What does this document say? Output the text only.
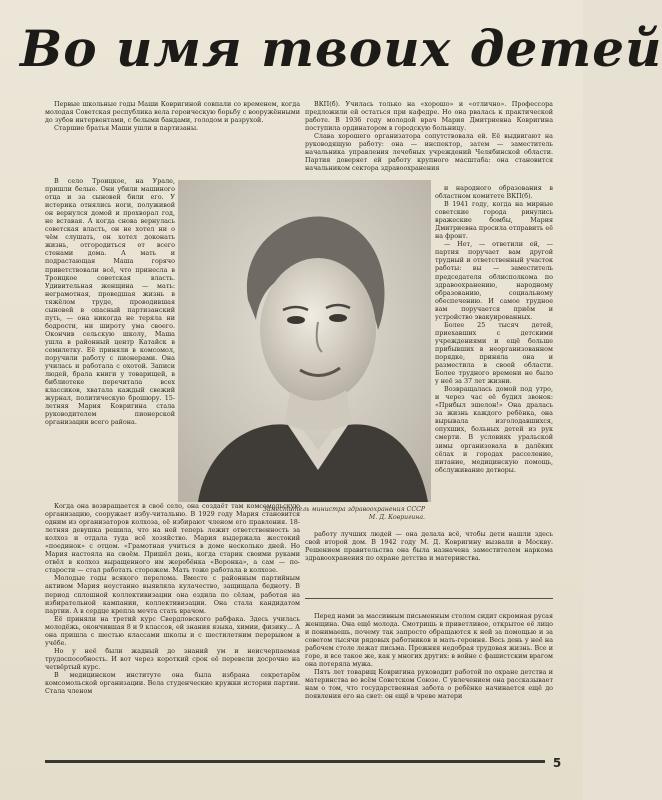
Во имя твоих детей

Первые школьные годы Маши Ковригиной совпали со временем, когда молодая Советская республика вела героическую борьбу с вооружёнными до зубов интервентами, с белыми бандами, голодом и разрухой.

Старшие братья Маши ушли в партизаны.

В село Троицкое, на Урале, пришли белые. Они убили машиного отца и за сыновей били его. У истерика отнялись ноги, полуживой он вернулся домой и прохворал год, не вставая. А когда снова вернулась советская власть, он не хотел ни о чём слушать, он хотел доконать жизнь, отгородиться от всего стенами дома. А мать и подрастающая Маша горячо приветствовали всё, что принесла в Троицкое советская власть. Удивительная женщина — мать: неграмотная, проведшая жизнь в тяжёлом труде, проводившая сыновей в опасный партизанский путь, — она никогда не теряла ни бодрости, ни широту ума своего. Окончив сельскую школу, Маша ушла в районный центр Катайск в семилетку. Её приняли в комсомол, поручили работу с пионерами. Она училась и работала с охотой. Записи людей, брала книги у товарищей, в библиотеке перечитала всех классиков, хватала каждый свежий журнал, политическую брошюру. 15-летняя Мария Ковригина стала руководителем пионерской организации всего района.

Заместитель министра здравоохранения СССР
М. Д. Ковригина.

Когда она возвращается в своё село, она создаёт там комсомольскую организацию, сооружает избу-читальню. В 1929 году Мария становится одним из организаторов колхоза, её избирают членом его правления. 18-летняя девушка решила, что на ней теперь лежит ответственность за колхоз и отдала туда всё хозяйство. Мария выдержала жестокий «поединок» с отцом. «Грамотная учиться в доме несколько дней. Но Мария настояла на своём. Пришёл день, когда старик своими руками отвёл в колхоз выращенного им жеребёнка «Воронка», а сам — по-старости — стал работать сторожем. Мать тоже работала в колхозе.

Молодые годы всякого перелома. Вместе с районным партийным активом Мария неустанно выявляла кулачество, защищала бедноту. В период сплошной коллективизации она ездила по сёлам, работая на избирательной кампании, коллективизации. Она стала кандидатом партии. А в сердце крепла мечта стать врачом.

Её приняли на третий курс Свердловского рабфака. Здесь училась молодёжь, окончившая 8 и 9 классов, ей знания языка, химии, физику... А она пришла с шестью классами школы и с шестилетним перерывом в учёбе.

Но у неё были жадный до знаний ум и неисчерпаемая трудоспособность. И вот через короткий срок её перевели досрочно на четвёртый курс.

В медицинском институте она была избрана секретарём комсомольской организации. Вела студенческие кружки истории партии. Стала членом

ВКП(б). Училась только на «хорошо» и «отлично». Профессора предложили ей остаться при кафедре. Но она рвалась к практической работе. В 1936 году молодой врач Мария Дмитриевна Ковригина поступила ординатором в городскую больницу.

Слава хорошего организатора сопутствовала ей. Её выдвигают на руководящую работу: она — инспектор, затем — заместитель начальника управления лечебных учреждений Челябинской области. Партия доверяет ей работу крупного масштаба: она становится начальником сектора здравоохранения

и народного образования в областном комитете ВКП(б).

В 1941 году, когда на мирные советские города ринулись вражеские бомбы, Мария Дмитриевна просила отправить её на фронт.

— Нет, — ответили ей, — партия поручает вам другой трудный и ответственный участок работы: вы — заместитель председателя облисполкома по здравоохранению, народному образованию, социальному обеспечению. И самое трудное вам поручается приём и устройство эвакуированных.

Более 25 тысяч детей, приехавших с детскими учреждениями и ещё больше прибывших в неорганизованном порядке, приняла она и разместила в своей области. Более трудного времени не было у неё за 37 лет жизни.

Возвращалась домой под утро, и через час её будил звонок: «Прибыл эшелон!» Она дралась за жизнь каждого ребёнка, она вырывала изголодавшихся, опухших, больных детей из рук смерти. В условиях уральской зимы организовала в далёких сёлах и городах расселение, питание, медицинскую помощь, обслуживание детворы.

работу лучших людей — она делала всё, чтобы дети нашли здесь свой второй дом. В 1942 году М. Д. Ковригину вызвали в Москву. Решением правительства она была назначена заместителем наркома здравоохранения по охране детства и материнства.

Перед нами за массивным письменным столом сидит скромная русая женщина. Она ещё молода. Смотришь в приветливое, открытое её лицо и понимаешь, почему так запросто обращаются к ней за помощью и за советом тысячи рядовых работников и мать-героиня. Весь день у неё на рабочем столе лежат письма. Прежняя недобрая трудовая жизнь. Все и горе, и все такое же, как у многих других: в войне с фашистским врагом она потеряла мужа.

Пять лет товарищ Ковригина руководит работой по охране детства и материнства во всём Советском Союзе. С увлечением она рассказывает нам о том, что государственная забота о ребёнке начинается ещё до появления его на свет: он ещё в чреве матери

5
